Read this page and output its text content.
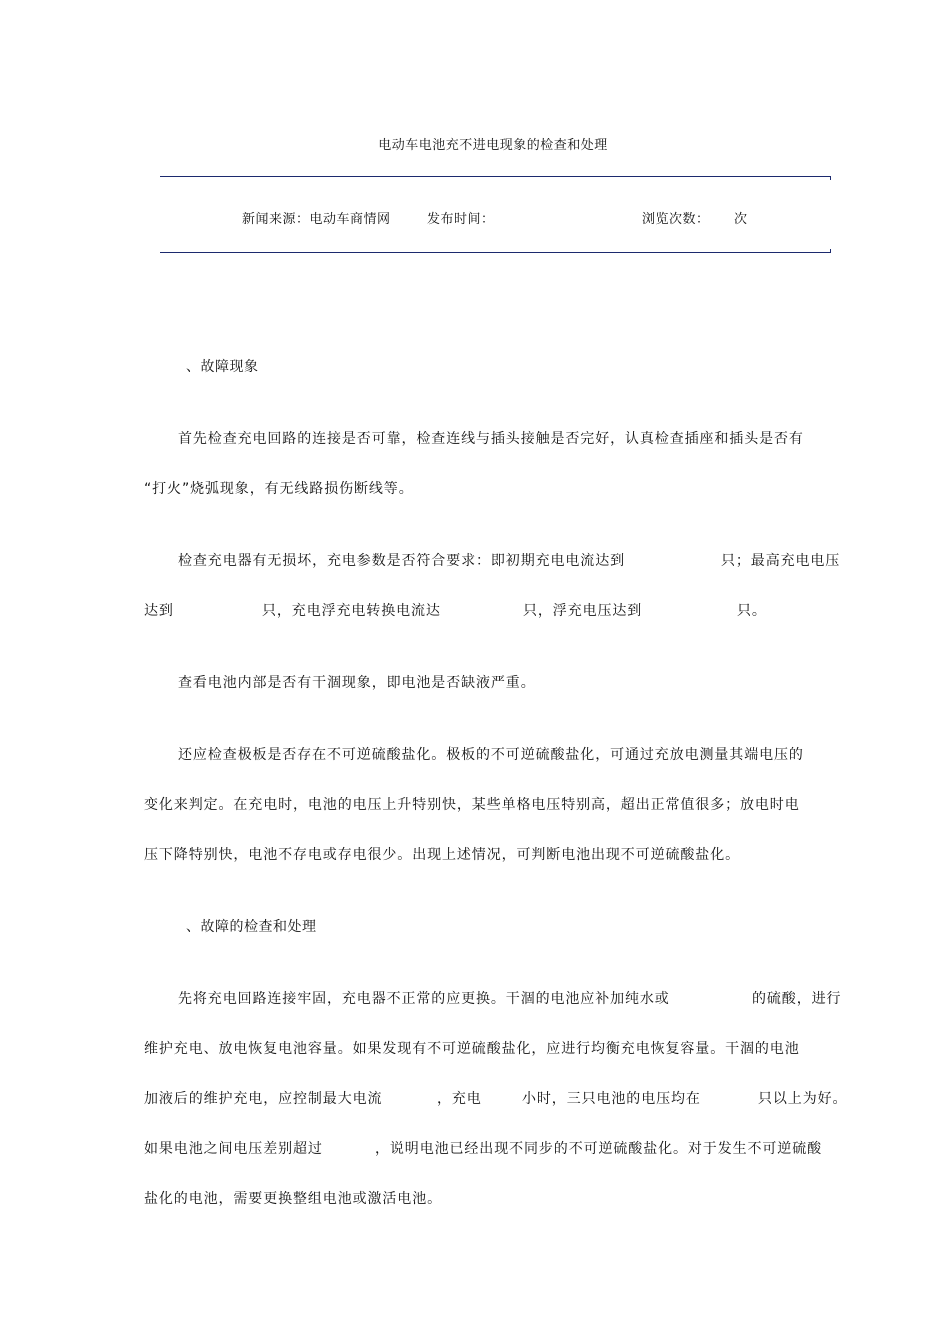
电动车电池充不进电现象的检查和处理
新闻来源：电动车商情网	发布时间：	浏览次数： 次
、故障现象
首先检查充电回路的连接是否可靠，检查连线与插头接触是否完好，认真检查插座和插头是否有
“打火”烧弧现象，有无线路损伤断线等。
检查充电器有无损坏，充电参数是否符合要求：即初期充电电流达到	只；最高充电电压
达到	只，充电浮充电转换电流达	只，浮充电压达到	只。
查看电池内部是否有干涸现象，即电池是否缺液严重。
还应检查极板是否存在不可逆硫酸盐化。极板的不可逆硫酸盐化，可通过充放电测量其端电压的
变化来判定。在充电时，电池的电压上升特别快，某些单格电压特别高，超出正常值很多；放电时电
压下降特别快，电池不存电或存电很少。出现上述情况，可判断电池出现不可逆硫酸盐化。
、故障的检查和处理
先将充电回路连接牢固，充电器不正常的应更换。干涸的电池应补加纯水或	的硫酸，进行
维护充电、放电恢复电池容量。如果发现有不可逆硫酸盐化，应进行均衡充电恢复容量。干涸的电池
加液后的维护充电，应控制最大电流	，充电	小时，三只电池的电压均在	只以上为好。
如果电池之间电压差别超过	，说明电池已经出现不同步的不可逆硫酸盐化。对于发生不可逆硫酸
盐化的电池，需要更换整组电池或激活电池。
